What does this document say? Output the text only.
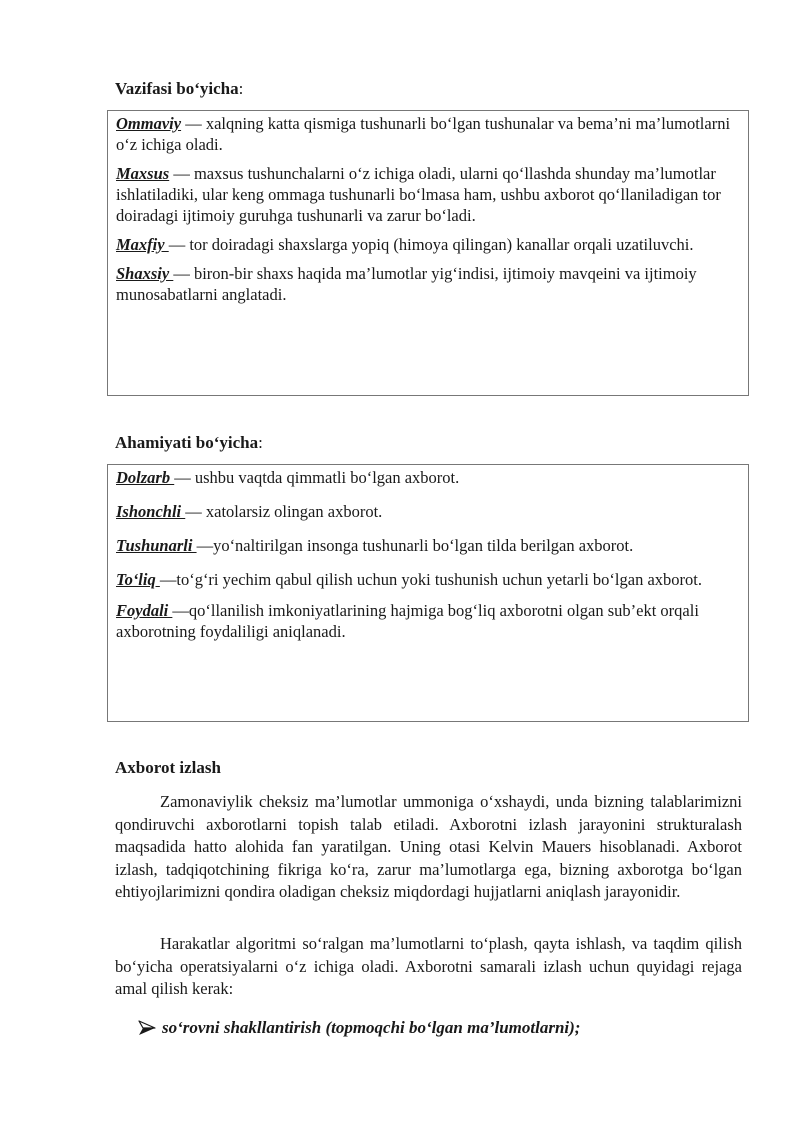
Vazifasi bo‘yicha:

Ommaviy — xalqning katta qismiga tushunarli bo‘lgan tushunalar va bema’ni ma’lumotlarni o‘z ichiga oladi.

Maxsus — maxsus tushunchalarni o‘z ichiga oladi, ularni qo‘llashda shunday ma’lumotlar ishlatiladiki, ular keng ommaga tushunarli bo‘lmasa ham, ushbu axborot qo‘llaniladigan tor doiradagi ijtimoiy guruhga tushunarli va zarur bo‘ladi.

Maxfiy — tor doiradagi shaxslarga yopiq (himoya qilingan) kanallar orqali uzatiluvchi.

Shaxsiy — biron-bir shaxs haqida ma’lumotlar yig‘indisi, ijtimoiy mavqeini va ijtimoiy munosabatlarni anglatadi.

Ahamiyati bo‘yicha:

Dolzarb — ushbu vaqtda qimmatli bo‘lgan axborot.

Ishonchli — xatolarsiz olingan axborot.

Tushunarli —yo‘naltirilgan insonga tushunarli bo‘lgan tilda berilgan axborot.

To‘liq —to‘g‘ri yechim qabul qilish uchun yoki tushunish uchun yetarli bo‘lgan axborot.

Foydali —qo‘llanilish imkoniyatlarining hajmiga bog‘liq axborotni olgan sub’ekt orqali axborotning foydaliligi aniqlanadi.

Axborot izlash

Zamonaviylik cheksiz ma’lumotlar ummoniga o‘xshaydi, unda bizning talablarimizni qondiruvchi axborotlarni topish talab etiladi. Axborotni izlash jarayonini strukturalash maqsadida hatto alohida fan yaratilgan. Uning otasi Kelvin Mauers hisoblanadi. Axborot izlash, tadqiqotchining fikriga ko‘ra, zarur ma’lumotlarga ega, bizning axborotga bo‘lgan ehtiyojlarimizni qondira oladigan cheksiz miqdordagi hujjatlarni aniqlash jarayonidir.

Harakatlar algoritmi so‘ralgan ma’lumotlarni to‘plash, qayta ishlash, va taqdim qilish bo‘yicha operatsiyalarni o‘z ichiga oladi. Axborotni samarali izlash uchun quyidagi rejaga amal qilish kerak:

so‘rovni shakllantirish (topmoqchi bo‘lgan ma’lumotlarni);
